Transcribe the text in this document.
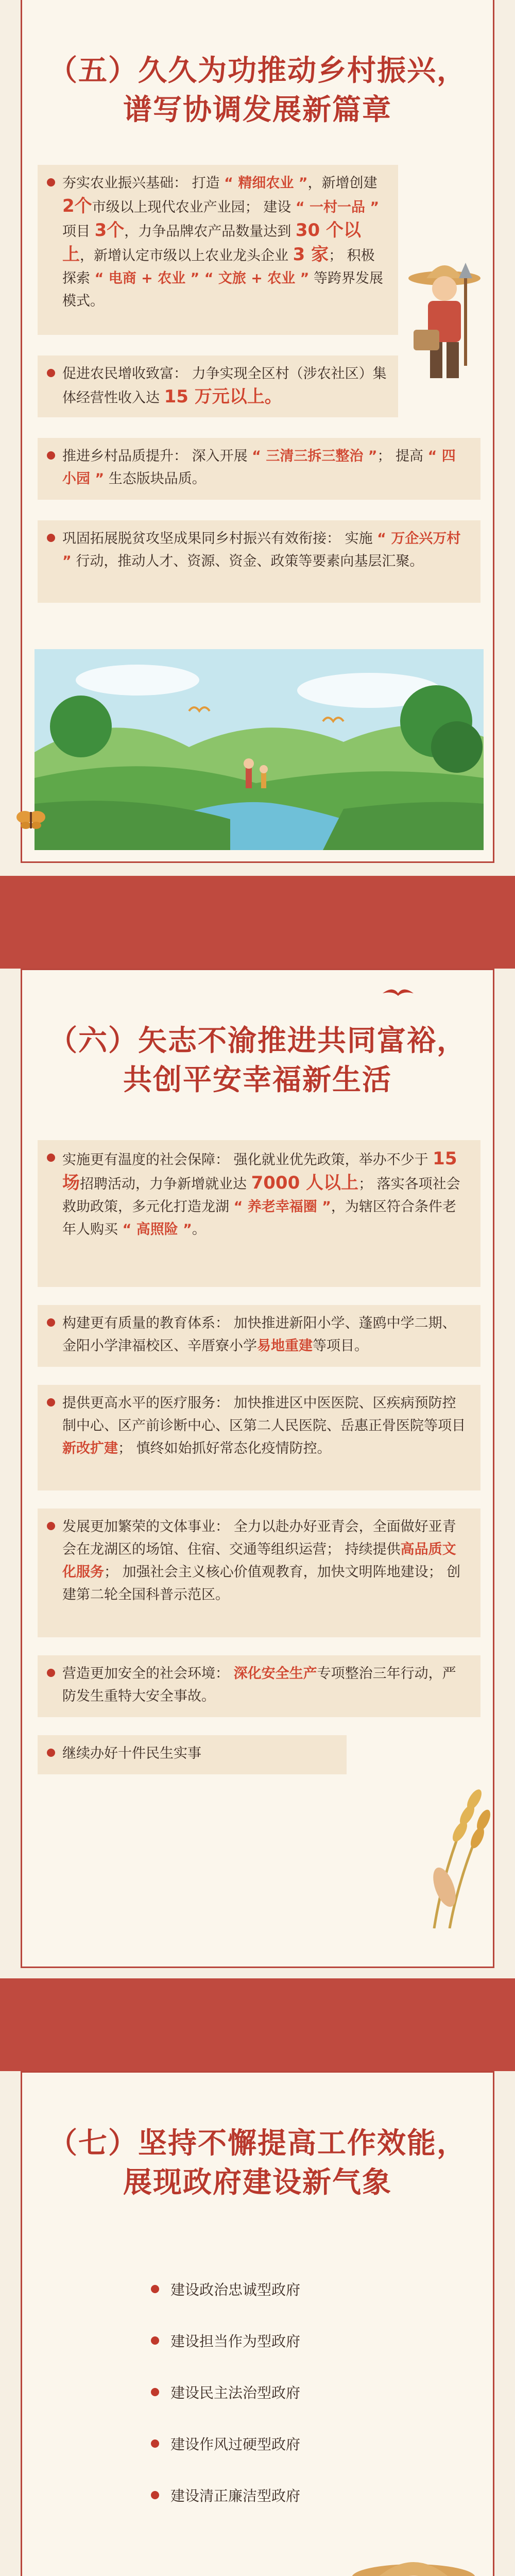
（五）久久为功推动乡村振兴，
谱写协调发展新篇章
夯实农业振兴基础： 打造 “ 精细农业 ”，新增创建 2个市级以上现代农业产业园； 建设 “ 一村一品 ” 项目 3个，力争品牌农产品数量达到 30 个以上，新增认定市级以上农业龙头企业 3 家； 积极探索 “ 电商 + 农业 ” “ 文旅 + 农业 ” 等跨界发展模式。
促进农民增收致富： 力争实现全区村（涉农社区）集体经营性收入达 15 万元以上。
推进乡村品质提升： 深入开展 “ 三清三拆三整治 ”； 提高 “ 四小园 ” 生态版块品质。
巩固拓展脱贫攻坚成果同乡村振兴有效衔接： 实施 “ 万企兴万村 ” 行动，推动人才、资源、资金、政策等要素向基层汇聚。
（六）矢志不渝推进共同富裕，
共创平安幸福新生活
实施更有温度的社会保障： 强化就业优先政策，举办不少于 15 场招聘活动，力争新增就业达 7000 人以上； 落实各项社会救助政策，多元化打造龙湖 “ 养老幸福圈 ”，为辖区符合条件老年人购买 “ 高照险 ”。
构建更有质量的教育体系： 加快推进新阳小学、蓬鸥中学二期、金阳小学津福校区、辛厝寮小学易地重建等项目。
提供更高水平的医疗服务： 加快推进区中医医院、区疾病预防控制中心、区产前诊断中心、区第二人民医院、岳惠正骨医院等项目新改扩建； 慎终如始抓好常态化疫情防控。
发展更加繁荣的文体事业： 全力以赴办好亚青会，全面做好亚青会在龙湖区的场馆、住宿、交通等组织运营； 持续提供高品质文化服务； 加强社会主义核心价值观教育，加快文明阵地建设； 创建第二轮全国科普示范区。
营造更加安全的社会环境： 深化安全生产专项整治三年行动，严防发生重特大安全事故。
继续办好十件民生实事
（七）坚持不懈提高工作效能，
展现政府建设新气象
建设政治忠诚型政府
建设担当作为型政府
建设民主法治型政府
建设作风过硬型政府
建设清正廉洁型政府
